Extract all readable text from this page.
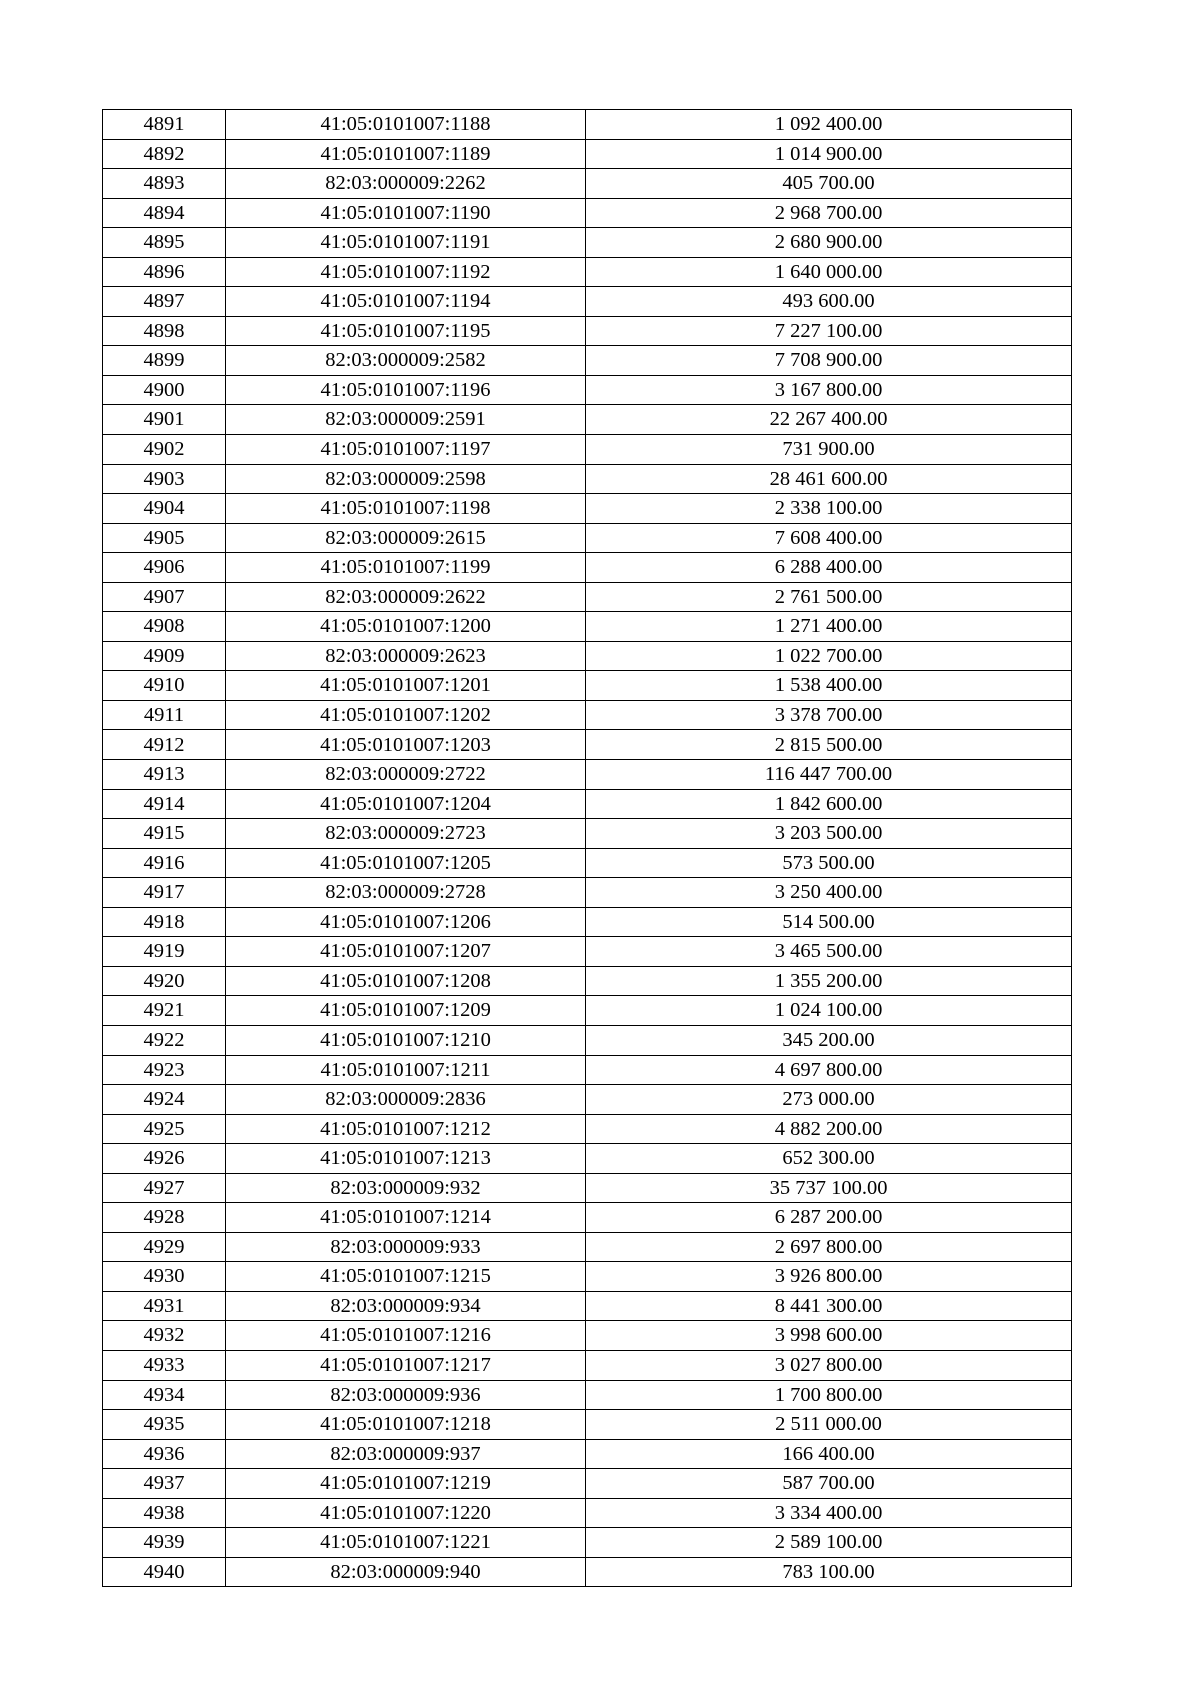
4891	41:05:0101007:1188	1 092 400.00
4892	41:05:0101007:1189	1 014 900.00
4893	82:03:000009:2262	405 700.00
4894	41:05:0101007:1190	2 968 700.00
4895	41:05:0101007:1191	2 680 900.00
4896	41:05:0101007:1192	1 640 000.00
4897	41:05:0101007:1194	493 600.00
4898	41:05:0101007:1195	7 227 100.00
4899	82:03:000009:2582	7 708 900.00
4900	41:05:0101007:1196	3 167 800.00
4901	82:03:000009:2591	22 267 400.00
4902	41:05:0101007:1197	731 900.00
4903	82:03:000009:2598	28 461 600.00
4904	41:05:0101007:1198	2 338 100.00
4905	82:03:000009:2615	7 608 400.00
4906	41:05:0101007:1199	6 288 400.00
4907	82:03:000009:2622	2 761 500.00
4908	41:05:0101007:1200	1 271 400.00
4909	82:03:000009:2623	1 022 700.00
4910	41:05:0101007:1201	1 538 400.00
4911	41:05:0101007:1202	3 378 700.00
4912	41:05:0101007:1203	2 815 500.00
4913	82:03:000009:2722	116 447 700.00
4914	41:05:0101007:1204	1 842 600.00
4915	82:03:000009:2723	3 203 500.00
4916	41:05:0101007:1205	573 500.00
4917	82:03:000009:2728	3 250 400.00
4918	41:05:0101007:1206	514 500.00
4919	41:05:0101007:1207	3 465 500.00
4920	41:05:0101007:1208	1 355 200.00
4921	41:05:0101007:1209	1 024 100.00
4922	41:05:0101007:1210	345 200.00
4923	41:05:0101007:1211	4 697 800.00
4924	82:03:000009:2836	273 000.00
4925	41:05:0101007:1212	4 882 200.00
4926	41:05:0101007:1213	652 300.00
4927	82:03:000009:932	35 737 100.00
4928	41:05:0101007:1214	6 287 200.00
4929	82:03:000009:933	2 697 800.00
4930	41:05:0101007:1215	3 926 800.00
4931	82:03:000009:934	8 441 300.00
4932	41:05:0101007:1216	3 998 600.00
4933	41:05:0101007:1217	3 027 800.00
4934	82:03:000009:936	1 700 800.00
4935	41:05:0101007:1218	2 511 000.00
4936	82:03:000009:937	166 400.00
4937	41:05:0101007:1219	587 700.00
4938	41:05:0101007:1220	3 334 400.00
4939	41:05:0101007:1221	2 589 100.00
4940	82:03:000009:940	783 100.00
